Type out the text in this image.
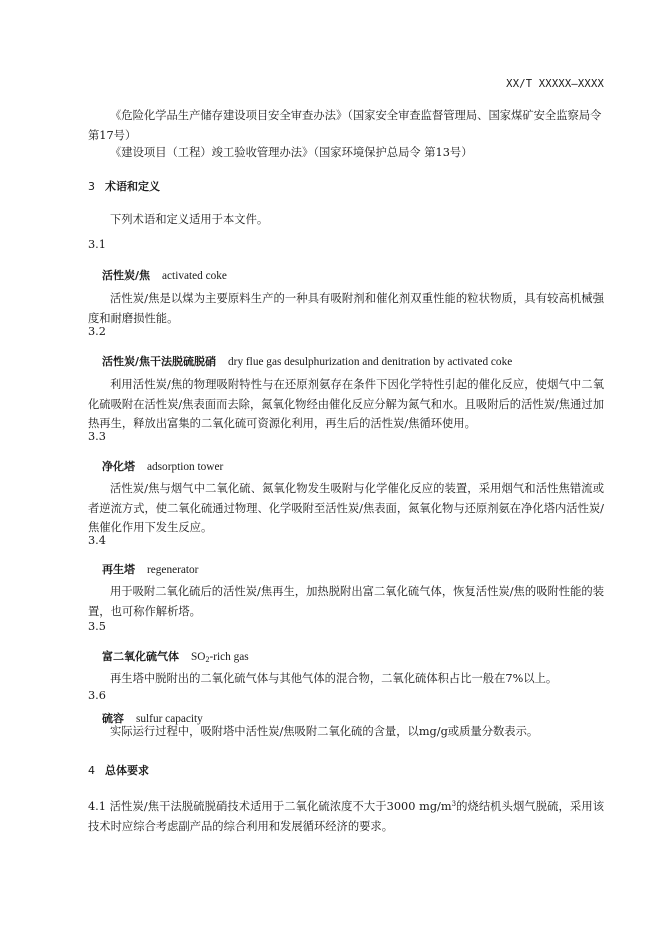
XX/T XXXXX—XXXX
《危险化学品生产储存建设项目安全审查办法》（国家安全审查监督管理局、国家煤矿安全监察局令 第17号）
《建设项目（工程）竣工验收管理办法》（国家环境保护总局令 第13号）
3 术语和定义
下列术语和定义适用于本文件。
3.1
活性炭/焦 activated coke
活性炭/焦是以煤为主要原料生产的一种具有吸附剂和催化剂双重性能的粒状物质，具有较高机械强度和耐磨损性能。
3.2
活性炭/焦干法脱硫脱硝 dry flue gas desulphurization and denitration by activated coke
利用活性炭/焦的物理吸附特性与在还原剂氨存在条件下因化学特性引起的催化反应，使烟气中二氧化硫吸附在活性炭/焦表面而去除，氮氧化物经由催化反应分解为氮气和水。且吸附后的活性炭/焦通过加热再生，释放出富集的二氧化硫可资源化利用，再生后的活性炭/焦循环使用。
3.3
净化塔 adsorption tower
活性炭/焦与烟气中二氧化硫、氮氧化物发生吸附与化学催化反应的装置，采用烟气和活性焦错流或者逆流方式，使二氧化硫通过物理、化学吸附至活性炭/焦表面，氮氧化物与还原剂氨在净化塔内活性炭/焦催化作用下发生反应。
3.4
再生塔 regenerator
用于吸附二氧化硫后的活性炭/焦再生，加热脱附出富二氧化硫气体，恢复活性炭/焦的吸附性能的装置，也可称作解析塔。
3.5
富二氧化硫气体 $SO_2$-rich gas
再生塔中脱附出的二氧化硫气体与其他气体的混合物，二氧化硫体积占比一般在7%以上。
3.6
硫容 sulfur capacity
实际运行过程中，吸附塔中活性炭/焦吸附二氧化硫的含量，以mg/g或质量分数表示。
4 总体要求
4.1 活性炭/焦干法脱硫脱硝技术适用于二氧化硫浓度不大于3000 $mg/m^3$的烧结机头烟气脱硫，采用该技术时应综合考虑副产品的综合利用和发展循环经济的要求。
